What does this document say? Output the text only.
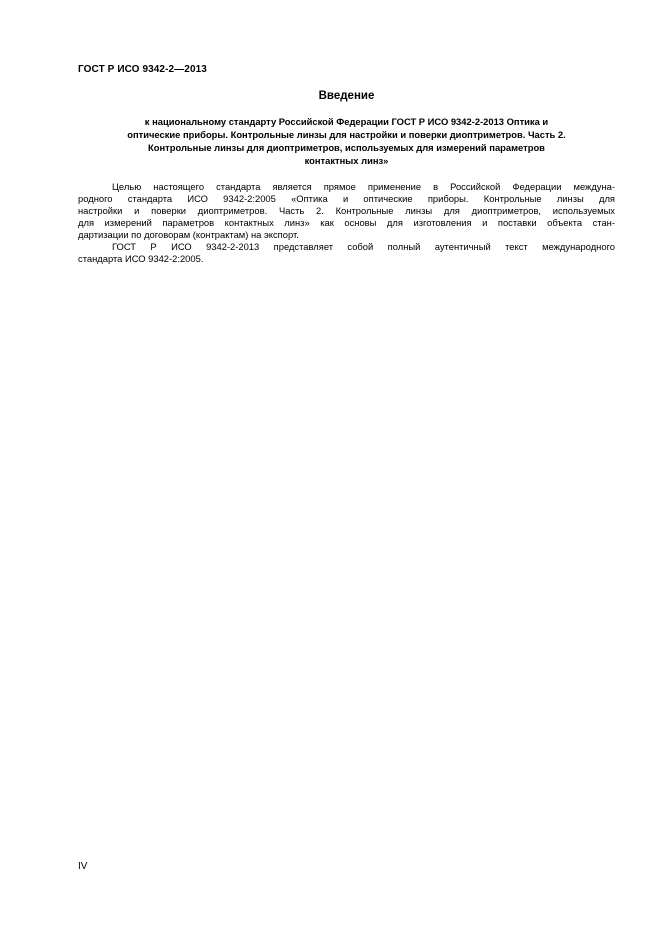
ГОСТ Р ИСО 9342-2—2013
Введение
к национальному стандарту Российской Федерации ГОСТ Р ИСО 9342-2-2013 Оптика и
оптические приборы. Контрольные линзы для настройки и поверки диоптриметров. Часть 2.
Контрольные линзы для диоптриметров, используемых для измерений параметров
контактных линз»
Целью настоящего стандарта является прямое применение в Российской Федерации междуна-
родного стандарта ИСО 9342-2:2005 «Оптика и оптические приборы. Контрольные линзы для
настройки и поверки диоптриметров. Часть 2. Контрольные линзы для диоптриметров, используемых
для измерений параметров контактных линз» как основы для изготовления и поставки объекта стан-
дартизации по договорам (контрактам) на экспорт.
ГОСТ Р ИСО 9342-2-2013 представляет собой полный аутентичный текст международного
стандарта ИСО 9342-2:2005.
IV
